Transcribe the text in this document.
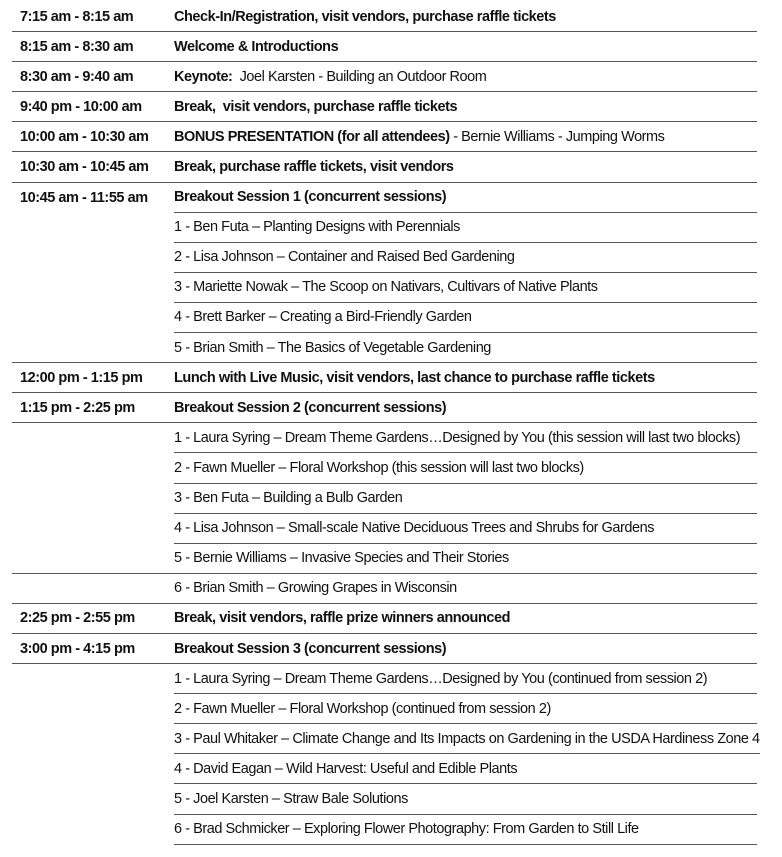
7:15 am - 8:15 am	Check-In/Registration, visit vendors, purchase raffle tickets
8:15 am - 8:30 am	Welcome & Introductions
8:30 am - 9:40 am	Keynote:  Joel Karsten - Building an Outdoor Room
9:40 pm - 10:00 am	Break,  visit vendors, purchase raffle tickets
10:00 am - 10:30 am	BONUS PRESENTATION (for all attendees) - Bernie Williams - Jumping Worms
10:30 am - 10:45 am	Break, purchase raffle tickets, visit vendors
10:45 am - 11:55 am	Breakout Session 1 (concurrent sessions)
1 - Ben Futa – Planting Designs with Perennials
2 - Lisa Johnson – Container and Raised Bed Gardening
3 - Mariette Nowak – The Scoop on Nativars, Cultivars of Native Plants
4 - Brett Barker – Creating a Bird-Friendly Garden
5 - Brian Smith – The Basics of Vegetable Gardening
12:00 pm - 1:15 pm	Lunch with Live Music, visit vendors, last chance to purchase raffle tickets
1:15 pm - 2:25 pm	Breakout Session 2 (concurrent sessions)
1 - Laura Syring – Dream Theme Gardens…Designed by You (this session will last two blocks)
2 - Fawn Mueller – Floral Workshop (this session will last two blocks)
3 - Ben Futa – Building a Bulb Garden
4 - Lisa Johnson – Small-scale Native Deciduous Trees and Shrubs for Gardens
5 - Bernie Williams – Invasive Species and Their Stories
6 - Brian Smith – Growing Grapes in Wisconsin
2:25 pm - 2:55 pm	Break, visit vendors, raffle prize winners announced
3:00 pm - 4:15 pm	Breakout Session 3 (concurrent sessions)
1 - Laura Syring – Dream Theme Gardens…Designed by You (continued from session 2)
2 - Fawn Mueller – Floral Workshop (continued from session 2)
3 - Paul Whitaker – Climate Change and Its Impacts on Gardening in the USDA Hardiness Zone 4
4 - David Eagan – Wild Harvest: Useful and Edible Plants
5 - Joel Karsten – Straw Bale Solutions
6 - Brad Schmicker – Exploring Flower Photography: From Garden to Still Life
